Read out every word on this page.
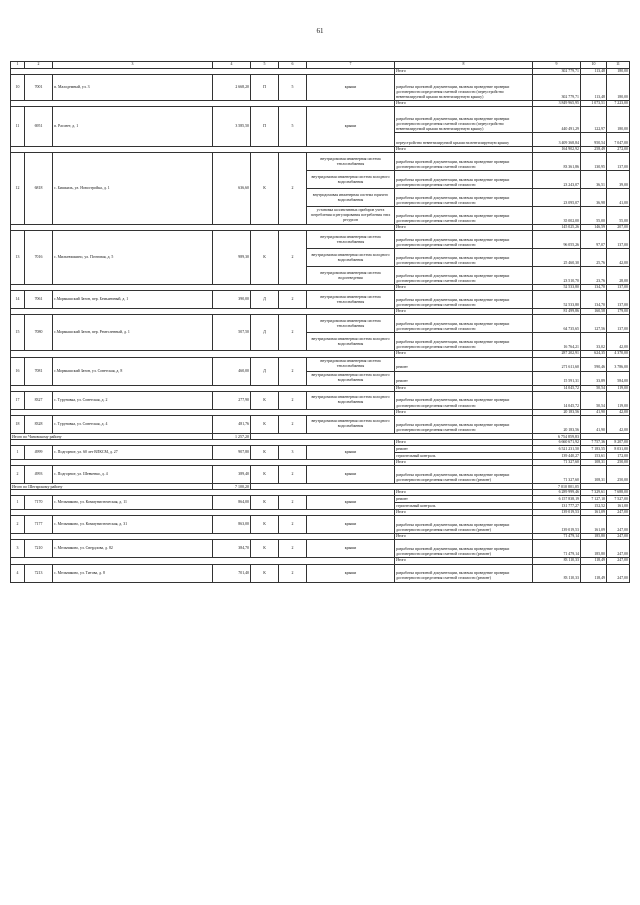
61
1	2	3	4	5	6	7	8	9	10	11
							Итого	302 779,71	113,48	180,00
10	7001	п. Малодемный, ул. 3	2 668,20	П	5	крыши	разработка проектной документации, включая проведение проверки достоверности определения сметной стоимости (переустройство невентилируемой крыши на вентилируемую крышу)	302 779,71	113,48	180,00
							Итого	3 849 965,95	1 073,51	7 223,00
11	6951	п. Рассвет, д. 1	3 585,50	П	5	крыши	разработка проектной документации, включая проведение проверки достоверности определения сметной стоимости (переустройство невентилируемой крыши на вентилируемую крышу)	440 491,29	122,97	180,00
							переустройство невентилируемой крыши на вентилируемую крышу	3 409 368,84	950,54	7 047,00
							Итого	164 902,92	258,49	272,00
12	6818	с. Бишкиль, ул. Новостройка, д. 1	636,60	К	2	внутридомовая инженерная система теплоснабжения	разработка проектной документации, включая проведение проверки достоверности определения сметной стоимости	83 361,86	130,95	137,00
						внутридомовая инженерная система холодного водоснабжения	разработка проектной документации, включая проведение проверки достоверности определения сметной стоимости	23 243,07	36,51	39,00
						внутридомовая инженерная система горячего водоснабжения	разработка проектной документации, включая проведение проверки достоверности определения сметной стоимости	23 095,07	36,98	41,00
						установка коллективных приборов учета потребления и регулирования потребления этих ресурсов	разработка проектной документации, включая проведение проверки достоверности определения сметной стоимости	35 002,00	55,00	55,00
							Итого	145 025,26	146,59	207,00
13	7016	с. Мильтюшкино, ул. Почтовая, д. 5	989,30	К	2	внутридомовая инженерная система теплоснабжения	разработка проектной документации, включая проведение проверки достоверности определения сметной стоимости	96 055,26	97,07	137,00
						внутридомовая инженерная система холодного водоснабжения	разработка проектной документации, включая проведение проверки достоверности определения сметной стоимости	25 460,30	25,76	42,00
						внутридомовая инженерная система водоотведения	разработка проектной документации, включая проведение проверки достоверности определения сметной стоимости	23 510,70	23,76	28,00
							Итого	52 533,80	134,70	137,00
14	7061	с.Мормышский Затон, пер. Бемьянчный, д. 1	390,00	Д	2	внутридомовая инженерная система теплоснабжения	разработка проектной документации, включая проведение проверки достоверности определения сметной стоимости	52 533,80	134,70	137,00
							Итого	81 499,86	160,58	179,00
15	7080	с.Мормышский Затон, пер. Ремесленный, д. 1	507,50	Д	2	внутридомовая инженерная система теплоснабжения	разработка проектной документации, включая проведение проверки достоверности определения сметной стоимости	64 735,65	127,56	137,00
						внутридомовая инженерная система холодного водоснабжения	разработка проектной документации, включая проведение проверки достоверности определения сметной стоимости	16 764,21	33,02	42,00
							Итого	287 202,91	624,35	4 370,00
16	7081	с.Мормышский Затон, ул. Советская, д. 8	460,00	Д	2	внутридомовая инженерная система теплоснабжения	ремонт	271 611,60	590,46	3 786,00
						внутридомовая инженерная система холодного водоснабжения	ремонт	15 591,31	33,89	584,00
							Итого	14 045,72	50,54	119,00
17	8327	с. Туруновка, ул. Советская, д. 2	277,90	К	2	внутридомовая инженерная система холодного водоснабжения	разработка проектной документации, включая проведение проверки достоверности определения сметной стоимости	14 045,72	50,54	119,00
							Итого	20 183,56	41,90	42,00
18	8328	с. Туруновка, ул. Советская, д. 4	481,76	К	2	внутридомовая инженерная система холодного водоснабжения	разработка проектной документации, включая проведение проверки достоверности определения сметной стоимости	20 183,56	41,90	42,00
Итого по Чановскому району			1 257,20					6 754 859,83		
							Итого	6 660 671,92	7 757,36	8 207,00
1	4999	с. Подгорное, ул. 60 лет ВЛКСМ, д. 27	907,80	К	3	крыши	ремонт	6 521 231,50	7 183,55	8 031,00
							строительный контроль	139 440,27	153,61	172,00
							Итого	71 327,60	108,31	250,00
2	4993	с. Подгорное, ул. Шевченко, д. 4	389,40	К	2	крыши	разработка проектной документации, включая проведение проверки достоверности определения сметной стоимости (ремонт)	71 327,60	108,31	250,00
Итого по Шегарскому району			7 100,20					7 010 801,05		
							Итого	6 289 999,46	7 329,61	7 688,00
1	7170	с. Мельниково, ул. Коммунистическая, д. 11	864,00	К	2	крыши	ремонт	6 157 838,19	7 127,10	7 527,00
							строительный контроль	131 777,27	152,52	161,00
							Итого	139 019,53	161,09	247,00
2	7177	с. Мельниково, ул. Коммунистическая, д. 31	863,00	К	2	крыши	разработка проектной документации, включая проведение проверки достоверности определения сметной стоимости (ремонт)	139 019,53	161,09	247,00
							Итого	71 479,14	185,80	247,00
3	7210	с. Мельниково, ул. Свердлова, д. 82	384,70	К	2	крыши	разработка проектной документации, включая проведение проверки достоверности определения сметной стоимости (ремонт)	71 479,14	185,80	247,00
							Итого	83 110,33	118,49	247,00
4	7213	с. Мельниково, ул. Титова, д. 8	701,40	К	2	крыши	разработка проектной документации, включая проведение проверки достоверности определения сметной стоимости (ремонт)	83 110,33	118,49	247,00
